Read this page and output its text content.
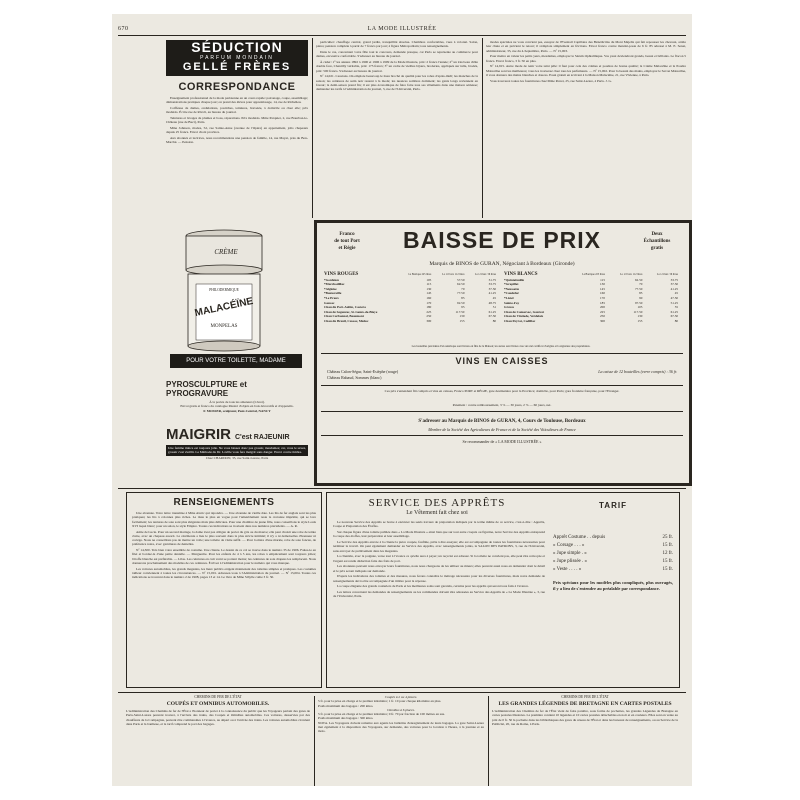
670	LA MODE ILLUSTRÉE
SÉDUCTION
PARFUM MONDAIN
GELLÉ FRÈRES
CORRESPONDANCE

Enseignement professionnel de la mode parisienne en un cours rapide: patronage, coupe, assemblage; démonstrations pratiques chaque jour; on prend des élèves pour apprentissage, 14, rue de Richelieu.

Coiffeuse de dames, ondulations, postiches, teintures, brevetée, à domicile ou chez elle; prix modérés. Écrire rue de Rivoli, au bureau du journal.

Teintures et lavages de plumes et boas, réparations. Prix modérés. Mme Parquier, 2, rue Bourbon-le-Château (rue de Buci), Paris.

Mme Johnson, modes, 52, rue Sainte-Anne (avenue de l'Opéra) en appartement, jolis chapeaux depuis 25 francs. Envoi choix province.

Aux abonnés et lectrices, nous recommandons une pension de famille, 14, rue Mayet, près du Bon-Marché. — Pension.

particulier: chauffage central, grand jardin, tranquillité absolue. Chambres confortables, vues à volonté. Salon, piano; pension complète à partir de 7 francs par jour; à figure Métropolitain; tous renseignements.

Dans le cas, concernant votre fille tout le concours, demande presque, car Paris se représente au commerce pour dames, excessive confortable. S'adresser au bureau du journal.

À céder: 1° les années 1892 à 1900 et 1906 à 1909 de la Mode illustrée, prix: 2 francs l'année; 2° un très beau châle double face, Chantilly véritable, prix: 175 francs; 3° un cadre de vieilles bijoux, broderies, appliqués sur tulle, brodés, prix: 500 francs. S'adresser au bureau du journal.

Nº 14,021. Cessions. On emploie beaucoup le tissu broché de qualité pour les robes d'après-midi; les manches de la saison; les ceintures de satin noir restent à la mode; les nuances sombres dominent; les gants longs reviennent en faveur; la demi-saison prend fin; il est plus économique de faire faire tous ses vêtements dans une maison sérieuse; demandez les tarifs à l'administration du journal, 3, rue de l'Université, Paris.

modes spéciales ne vous convient pas, essayez de l'Eventail Capillaire des Bénédictins du Mont Majella qui fait repousser les cheveux, arrête leur chute et en prévient le retour; il s'emploie simplement en frictions. Envoi franco contre mandat-poste de 6 fr. 85 adressé à M. E. Senet, administrateur, 35, rue du 4-Septembre, Paris. — Nº 15,003.

Pour mettre en valeur les petits yeux, mesdames, employez le Sérum Ophtalmique. Vos yeux deviendront grands, beaux et brillants. Le flacon 5 francs. Envoi franco, 3 fr. 50 en plus.

Nº 14,915. Autre mode de tenir votre teint pâle: il faut pour cela des crèmes et poudres de bonne qualité; la Crème Malacéïne et la Poudre Malacéïne sont les meilleures; vous les trouverez chez tous les parfumeurs. — Nº 15,002. Pour la beauté des mains, employez le Savon Malacéïne, il vous donnera des mains blanches et douces. Essai gratuit en écrivant à la Maison Malacéïne, 21, rue Vivienne, à Paris.

Vous trouverez toutes les fournitures chez Mme Perret, 25, rue Saint-Lazare, à Paris. J. G.

CRÈME
PHILODERMIQUE
MALACÉÏNE
MONPELAS
POUR VOTRE TOILETTE, MADAME
PYROSCULPTURE et PYROGRAVURE
À la portée de tous les amateurs (Livret).
Envoi gratis et franco du catalogue illustré d'objets en bois décoratifs et d'appareils.
F. MOSSER, sculpteur, Pont-Central, NANCY
MAIGRIR C'est RAJEUNIR
Une femme mince est toujours jolie. Ne vous laissez donc pas grossir, mesdames; car, vous le savez, grossir c'est vieillir. La Méthode du Dr. Laville vous fera maigrir sans danger. Envoi contre timbre.
Chez CHARDON, 35, rue Saint-Lazare, Paris
Franco
de tout Port
et Régie	BAISSE DE PRIX	Deux
Échantillons
gratis
Marquis de BINOS de GURAN, Négociant à Bordeaux (Gironde)
VINS ROUGES	La Barrique 225 litres	La 1/2 barr. 112 litres	La 1/4 barr. 56 litres
*Gonfalon	105	57.50	31.75
*Marchodillac	115	62.50	33.75
*Algleise	130	70	37.50
*Boutoroille	145	77.50	41.25
*Le Praux	160	85	45
Gonsac	170	92.50	48.75
Chau du Port-Aubin, Castera	180	95	51
Chau de Segonzac, St-Genès-de-Blaye	225	117.50	61.25
Chau Carbonnal, Beaumont	250	130	67.50
Chau du Breuil, Cussac, Médoc	300	155	80
VINS BLANCS	La Barrique 225 litres	La 1/2 barr. 112 litres	La 1/4 barr. 56 litres
*Quintefeuille	115	62.50	33.75
*Grapillet	130	70	37.50
*Neussette	145	77.50	41.25
*Caudefar	160	85	45
*Listel	170	90	47.50
Sainte-Foy	185	97.50	51.25
Graves	200	105	55
Chau de Camarsac, Gaurcet	225	117.50	61.25
Chau de Virelade, Verdelais	250	130	67.50
Chau Peyrat, Cadillac	300	155	80
Les bouteilles précédées d'un astérisque sont livrées en fûts de la Maison; les autres sont livrées avec un réel certificat d'origine et la signature des propriétaires.
VINS EN CAISSES
Château Calon-Ségur, Saint-Estèphe (rouge)	La caisse de 12 bouteilles (verre compris) : 36 fr.
Château Rabaud, Sommes (blanc)
Ces prix s'entendent fût compris et vins en caisses, Franco PORT et RÉGIE, gare destinataire pour la Province; domicile, pour Paris; gare frontière française, pour l'Etranger.
Paiement : contre remboursement, 3 % — 30 jours, 2 % — 60 jours, net.
S'adresser au Marquis de BINOS de GURAN, 4, Cours de Toulouse, Bordeaux
Membre de la Société des Agriculteurs de France et de la Société des Viticulteurs de France
Se recommander de « LA MODE ILLUSTRÉE »
RENSEIGNEMENTS

Une abonnée. Votre lettre transmise à Mme Alaric qui répondra. — Une abonnée de vieille date. Les lits de fer anglais sont les plus pratiques; les lits à colonnes plus riches. Le tissu le plus en vogue pour l'ameublement reste le cretonne imprimé, qui se lave facilement; les tentures de soie sont plus élégantes mais plus délicates. Pour une chambre de jeune fille, nous conseillons le style Louis XVI laqué blanc; pour un salon, le style Empire. Toutes ces indications se trouvent dans nos numéros précédents. — A. R.

Amie de Lucie. Pour un second mariage, la dame n'est pas obligée de porter du gris ou du mauve; elle peut choisir une robe de teinte claire, avec un chapeau assorti. La cérémonie a lieu le plus souvent dans la plus stricte intimité; il n'y a ni demoiselles d'honneur ni cortège. Nous ne conseillons pas de mettre un voile; une toilette de visite suffit. — Pour la mère d'une mariée, robe de soie foncée, de préférence noire, avec garnitures de dentelles.

Nº 14,300. Très bien votre ensemble de costume. Une cliente. Le dessin de ce col se trouve dans le numéro 35 de 1906. Faites-le en filet et bordez-le d'une petite dentelle. — Marguerite. Pour les enfants de 4 à 5 ans, les robes à empiècement sont toujours jolies; l'étoffe blanche est préférable. — Lilas. Les ceintures en cuir verni se portent moins; les ceintures de soie drapées les remplacent. Nous donnerons prochainement des modèles de ces ceintures. Écrivez à l'administration pour le numéro qui vous manque.

Les voitures automobiles, les grands magasins, les lieux publics exigent maintenant des toilettes simples et pratiques. Les costumes tailleur conviennent à toutes les circonstances. — Nº 15,001. Adressez-vous à l'Administration du journal. — Nº 15,004. Toutes ces indications se trouvent dans le numéro 2 de 1908, pages 13 et 14. Le livre de Mme Sibylle coûte 3 fr. 50.

SERVICE DES APPRÊTS
Le Vêtement fait chez soi

Le nouveau Service des Apprêts se borne à exécuter les seuls travaux de préparation indiqués par le terme même de ce service, c'est-à-dire : Apprêts, Coupe et Préparation des Étoffes.

Sur chaque figure d'une toilette publiée dans « La Mode Illustrée » ainsi bien que sur tout autre croquis ou figurine, notre Service des Apprêts entreprend la coupe des étoffes, leur préparation et leur assemblage.

Le Service des Apprêts envoie à la cliente la pièce coupée, faufilée, prête à être essayée; elle est accompagnée de toutes les fournitures nécessaires pour terminer le travail. On peut également demander au Service des Apprêts, avec renseignements joints, le SALON DES PATRONS, 3, rue de l'Université, sans envoyer de prélèvement dans les magasins.

La clientèle, avec la poignée, verse tout à l'avance ce qu'elle aura à payer; un reçu lui est adressé. Si la toilette ne convient pas, elle peut être renvoyée et l'argent est rendu déduction faite des frais de port.

Les abonnées peuvent nous envoyer leurs fournitures, nous nous chargeons de les utiliser au mieux; elles peuvent aussi nous en demander dont le détail et le prix seront indiqués sur demande.

D'après les indications des toilettes et des mesures, nous ferons connaître le métrage nécessaire pour les diverses fournitures, mais notre demande de renseignements devra être accompagnée d'un timbre pour la réponse.

La coupe élégante des grands couturiers de Paris et les meilleures soins sont garantis, certains pour les apprêts qui seront tous faits à l'avance.

Les lettres concernant les demandes de renseignements ou les commandes doivent être adressées au Service des Apprêts de « La Mode Illustrée », 3, rue de l'Université, Paris.

TARIF
Apprêt Costume . . depuis	25 fr.
» Corsage . . . »	15 fr.
» Jupe simple . »	12 fr.
» Jupe plissée . »	15 fr.
» Veste . . . . »	15 fr.
Prix spéciaux pour les modèles plus compliqués, plus ouvragés, il y a lieu de s'entendre au préalable par correspondance.
CHEMINS DE FER DE L'ÉTAT
COUPÉS ET OMNIBUS AUTOMOBILES.

L'Administration des Chemins de fer de l'État a l'honneur de porter à la connaissance du public que les Voyageurs partant des gares de Paris-Saint-Lazare peuvent trouver, à l'arrivée des trains, des Coupés et Omnibus automobiles. Ces voitures, desservies par des chauffeurs de la Compagnie, peuvent être commandées à l'avance, au départ ou à l'arrivée des trains. Les voitures automobiles circulent dans Paris et la banlieue, et le tarif comprend le port des bagages.

Coupés à 2 ou 4 places.

5 fr. pour la prise en charge et le premier kilomètre; 1 fr. 10 pour chaque kilomètre en plus.

Poids maximum des bagages : 200 kilos.

Omnibus à 6 places.

5 fr. pour la prise en charge et le premier kilomètre; 0 fr. 70 par fraction de 100 mètres en sus.

Poids maximum des bagages : 300 kilos.

NOTA. Les Voyageurs doivent remettre aux agents les bulletins d'enregistrement de leurs bagages. La gare Saint-Lazare met également à la disposition des Voyageurs, sur demande, des voitures pour la location à l'heure, à la journée et au mois.

CHEMINS DE FER DE L'ÉTAT
LES GRANDES LÉGENDES DE BRETAGNE EN CARTES POSTALES

L'Administration des Chemins de fer de l'État vient de faire paraître, sous forme de pochettes, les grandes Légendes de Bretagne en cartes postales illustrées. La première contient 10 légendes et 10 cartes postales détachables en noir et en couleurs. Elles sont en vente au prix de 0 fr. 50 la pochette dans les bibliothèques des gares du réseau de l'État et dans les bureaux de renseignements, ou au Service de la Publicité, 20, rue de Rome, à Paris.
